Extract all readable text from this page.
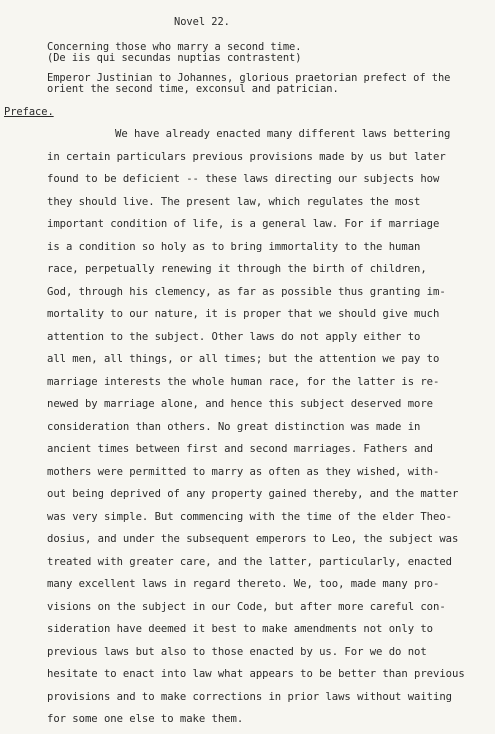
Novel 22.
Concerning those who marry a second time.
(De iis qui secundas nuptias contrastent)
Emperor Justinian to Johannes, glorious praetorian prefect of the
orient the second time, exconsul and patrician.
Preface.
We have already enacted many different laws bettering
in certain particulars previous provisions made by us but later
found to be deficient -- these laws directing our subjects how
they should live. The present law, which regulates the most
important condition of life, is a general law. For if marriage
is a condition so holy as to bring immortality to the human
race, perpetually renewing it through the birth of children,
God, through his clemency, as far as possible thus granting im-
mortality to our nature, it is proper that we should give much
attention to the subject. Other laws do not apply either to
all men, all things, or all times; but the attention we pay to
marriage interests the whole human race, for the latter is re-
newed by marriage alone, and hence this subject deserved more
consideration than others. No great distinction was made in
ancient times between first and second marriages. Fathers and
mothers were permitted to marry as often as they wished, with-
out being deprived of any property gained thereby, and the matter
was very simple. But commencing with the time of the elder Theo-
dosius, and under the subsequent emperors to Leo, the subject was
treated with greater care, and the latter, particularly, enacted
many excellent laws in regard thereto. We, too, made many pro-
visions on the subject in our Code, but after more careful con-
sideration have deemed it best to make amendments not only to
previous laws but also to those enacted by us. For we do not
hesitate to enact into law what appears to be better than previous
provisions and to make corrections in prior laws without waiting
for some one else to make them.
